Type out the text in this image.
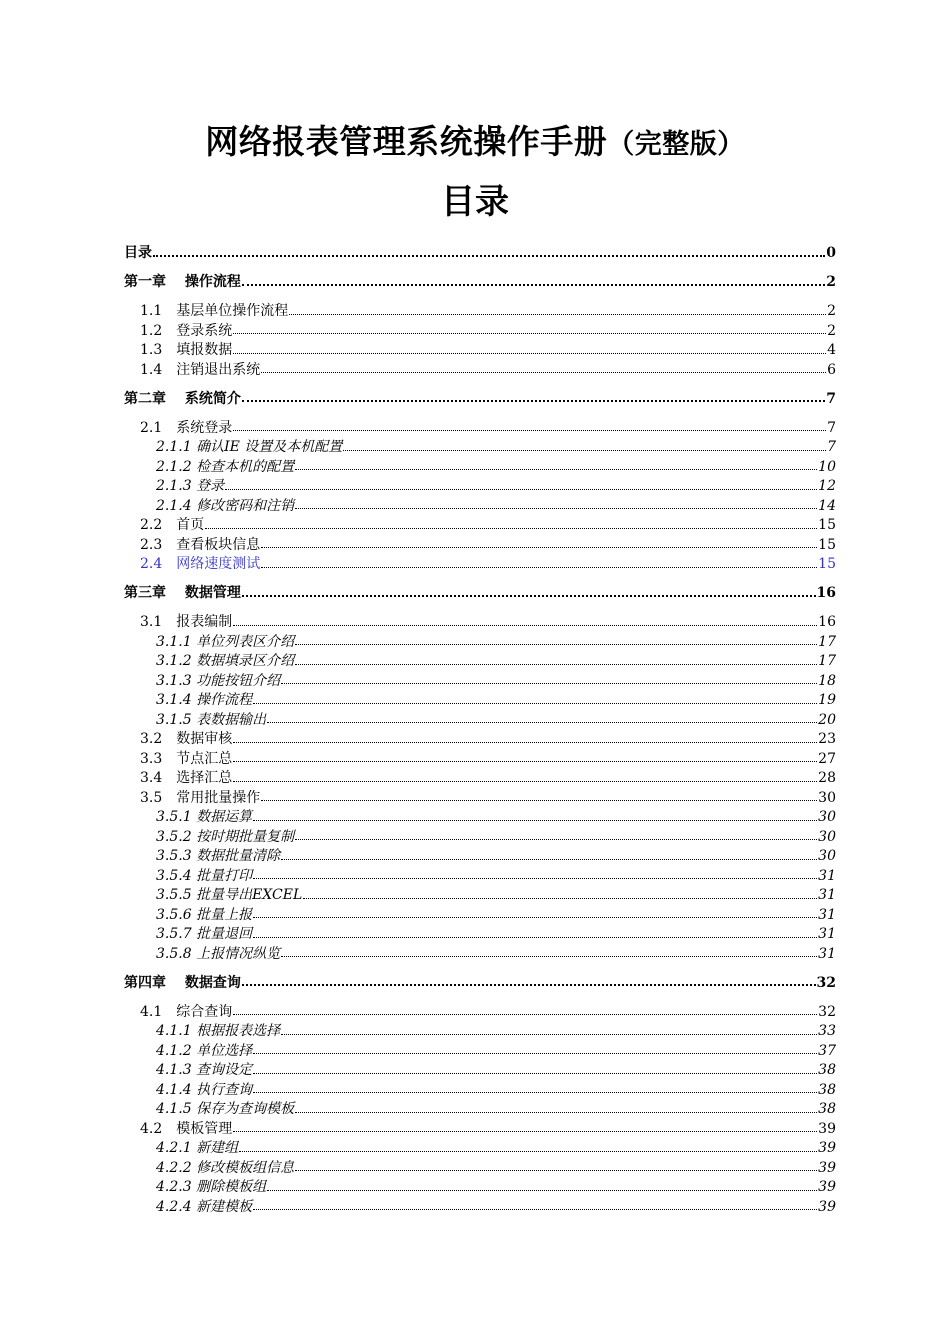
网络报表管理系统操作手册（完整版）
目录
目录	0
第一章  操作流程	2
1.1  基层单位操作流程	2
1.2  登录系统	2
1.3  填报数据	4
1.4  注销退出系统	6
第二章  系统简介	7
2.1  系统登录	7
2.1.1 确认IE 设置及本机配置	7
2.1.2 检查本机的配置	10
2.1.3 登录	12
2.1.4 修改密码和注销	14
2.2  首页	15
2.3  查看板块信息	15
2.4  网络速度测试	15
第三章  数据管理	16
3.1  报表编制	16
3.1.1 单位列表区介绍	17
3.1.2 数据填录区介绍	17
3.1.3 功能按钮介绍	18
3.1.4 操作流程	19
3.1.5 表数据输出	20
3.2  数据审核	23
3.3  节点汇总	27
3.4  选择汇总	28
3.5  常用批量操作	30
3.5.1 数据运算	30
3.5.2 按时期批量复制	30
3.5.3 数据批量清除	30
3.5.4 批量打印	31
3.5.5 批量导出EXCEL	31
3.5.6 批量上报	31
3.5.7 批量退回	31
3.5.8 上报情况纵览	31
第四章  数据查询	32
4.1  综合查询	32
4.1.1 根据报表选择	33
4.1.2 单位选择	37
4.1.3 查询设定	38
4.1.4 执行查询	38
4.1.5 保存为查询模板	38
4.2  模板管理	39
4.2.1 新建组	39
4.2.2 修改模板组信息	39
4.2.3 删除模板组	39
4.2.4 新建模板	39
